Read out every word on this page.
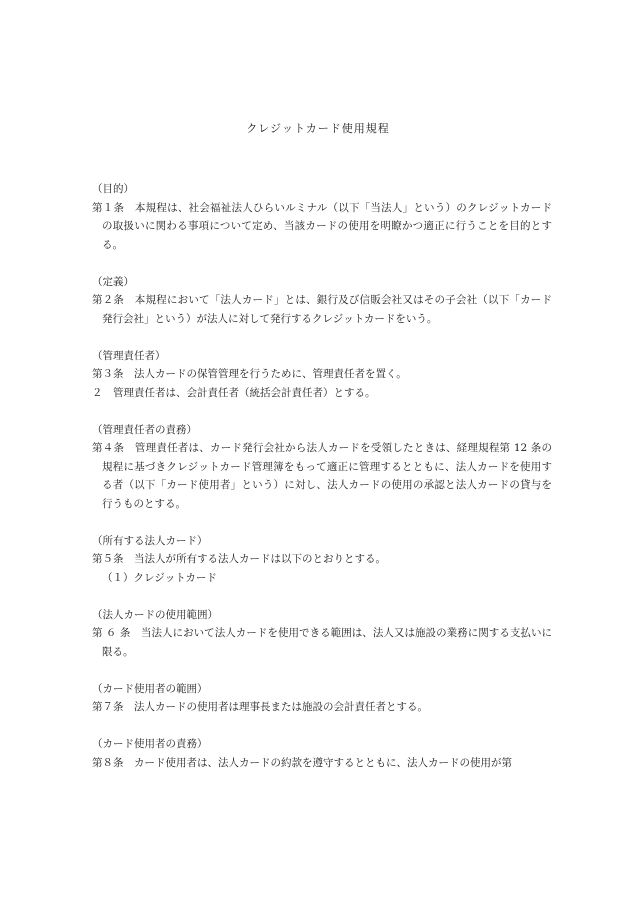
クレジットカード使用規程

（目的）

第１条　本規程は、社会福祉法人ひらいルミナル（以下「当法人」という）のクレジットカードの取扱いに関わる事項について定め、当該カードの使用を明瞭かつ適正に行うことを目的とする。

（定義）

第２条　本規程において「法人カード」とは、銀行及び信販会社又はその子会社（以下「カード発行会社」という）が法人に対して発行するクレジットカードをいう。

（管理責任者）

第３条　法人カードの保管管理を行うために、管理責任者を置く。

２　管理責任者は、会計責任者（統括会計責任者）とする。

（管理責任者の責務）

第４条　管理責任者は、カード発行会社から法人カードを受領したときは、経理規程第 12 条の規程に基づきクレジットカード管理簿をもって適正に管理するとともに、法人カードを使用する者（以下「カード使用者」という）に対し、法人カードの使用の承認と法人カードの貸与を行うものとする。

（所有する法人カード）

第５条　当法人が所有する法人カードは以下のとおりとする。

（１）クレジットカード

（法人カードの使用範囲）

第 ６ 条　当法人において法人カードを使用できる範囲は、法人又は施設の業務に関する支払いに限る。

（カード使用者の範囲）

第７条　法人カードの使用者は理事長または施設の会計責任者とする。

（カード使用者の責務）

第８条　カード使用者は、法人カードの約款を遵守するとともに、法人カードの使用が第
